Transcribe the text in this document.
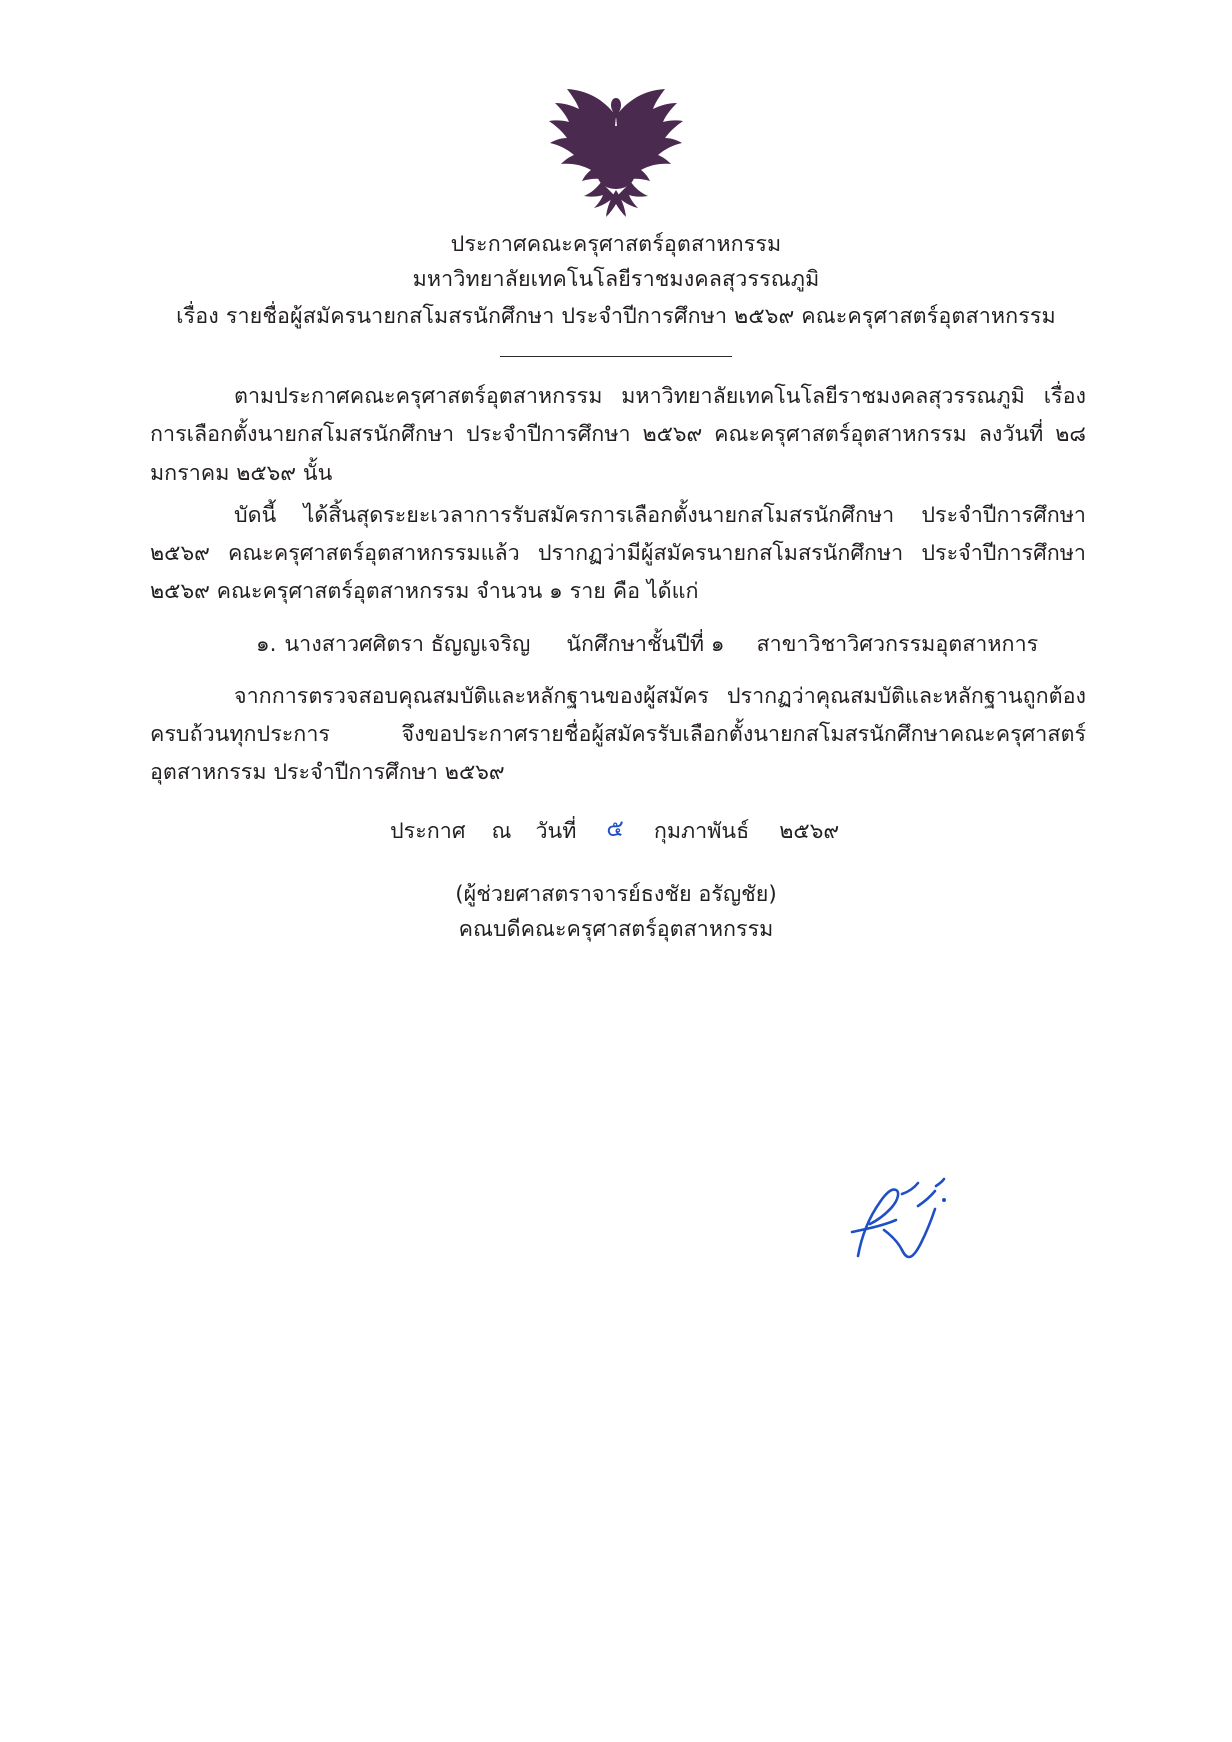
ประกาศคณะครุศาสตร์อุตสาหกรรม
มหาวิทยาลัยเทคโนโลยีราชมงคลสุวรรณภูมิ
เรื่อง รายชื่อผู้สมัครนายกสโมสรนักศึกษา ประจำปีการศึกษา ๒๕๖๙ คณะครุศาสตร์อุตสาหกรรม

ตามประกาศคณะครุศาสตร์อุตสาหกรรม มหาวิทยาลัยเทคโนโลยีราชมงคลสุวรรณภูมิ เรื่อง การเลือกตั้งนายกสโมสรนักศึกษา ประจำปีการศึกษา ๒๕๖๙ คณะครุศาสตร์อุตสาหกรรม ลงวันที่ ๒๘ มกราคม ๒๕๖๙ นั้น

บัดนี้ ได้สิ้นสุดระยะเวลาการรับสมัครการเลือกตั้งนายกสโมสรนักศึกษา ประจำปีการศึกษา ๒๕๖๙ คณะครุศาสตร์อุตสาหกรรมแล้ว ปรากฏว่ามีผู้สมัครนายกสโมสรนักศึกษา ประจำปีการศึกษา ๒๕๖๙ คณะครุศาสตร์อุตสาหกรรม จำนวน ๑ ราย คือ ได้แก่

๑. นางสาวศศิตรา ธัญญเจริญ นักศึกษาชั้นปีที่ ๑ สาขาวิชาวิศวกรรมอุตสาหการ

จากการตรวจสอบคุณสมบัติและหลักฐานของผู้สมัคร ปรากฏว่าคุณสมบัติและหลักฐานถูกต้องครบถ้วนทุกประการ จึงขอประกาศรายชื่อผู้สมัครรับเลือกตั้งนายกสโมสรนักศึกษาคณะครุศาสตร์อุตสาหกรรม ประจำปีการศึกษา ๒๕๖๙

ประกาศ ณ วันที่ ๕ กุมภาพันธ์ ๒๕๖๙
(ผู้ช่วยศาสตราจารย์ธงชัย อรัญชัย)
คณบดีคณะครุศาสตร์อุตสาหกรรม
